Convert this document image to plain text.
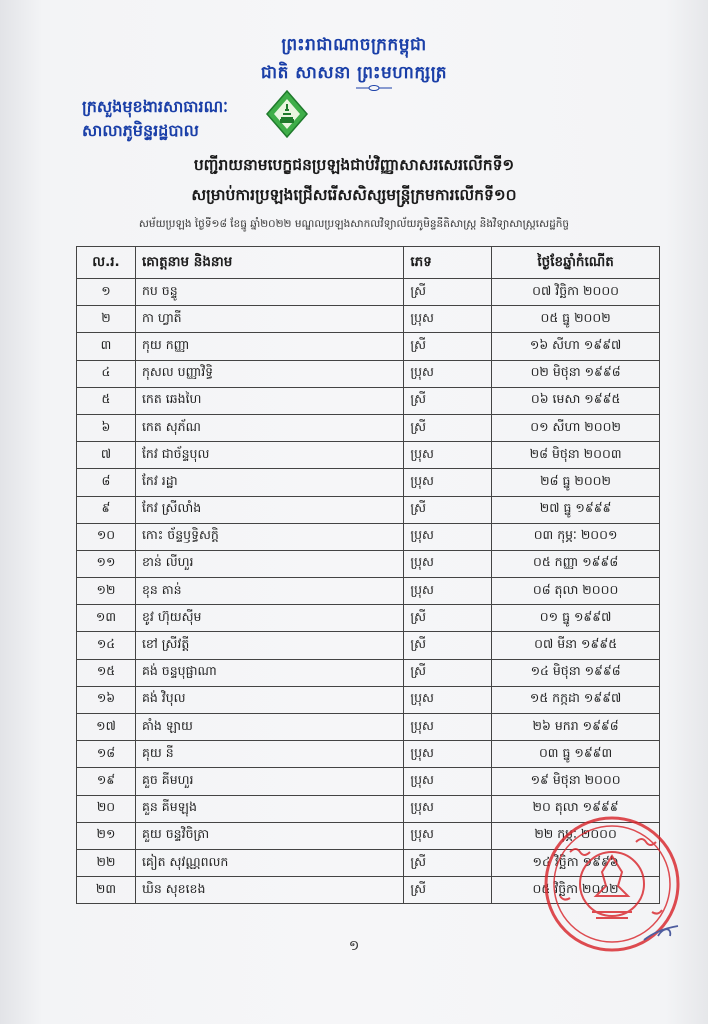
ព្រះរាជាណាចក្រកម្ពុជា
ជាតិ សាសនា ព្រះមហាក្សត្រ
ក្រសួងមុខងារសាធារណៈ
សាលាភូមិន្ទរដ្ឋបាល
បញ្ជីរាយនាមបេក្ខជនប្រឡងជាប់វិញ្ញាសាសរសេរលើកទី១
សម្រាប់ការប្រឡងជ្រើសរើសសិស្សមន្ត្រីក្រមការលើកទី១០
សម័យប្រឡង ថ្ងៃទី១៨ ខែធ្នូ ឆ្នាំ២០២២ មណ្ឌលប្រឡងសាកលវិទ្យាល័យភូមិន្ទនីតិសាស្ត្រ និងវិទ្យាសាស្ត្រសេដ្ឋកិច្ច
ល.រ.	គោត្តនាម និងនាម	ភេទ	ថ្ងៃខែឆ្នាំកំណើត
១	កប ចន្ទូ	ស្រី	០៧ វិច្ឆិកា ២០០០
២	កា ហ្វាតី	ប្រុស	០៥ ធ្នូ ២០០២
៣	កុយ កញ្ញា	ស្រី	១៦ សីហា ១៩៩៧
៤	កុសល បញ្ញាវិទ្ធិ	ប្រុស	០២ មិថុនា ១៩៩៨
៥	កេត ឆេងហៃ	ស្រី	០៦ មេសា ១៩៩៥
៦	កេត សុភ័ណ	ស្រី	០១ សីហា ២០០២
៧	កែវ ជាច័ន្ទបុល	ប្រុស	២៨ មិថុនា ២០០៣
៨	កែវ រដ្ឋា	ប្រុស	២៨ ធ្នូ ២០០២
៩	កែវ ស្រីលាំង	ស្រី	២៧ ធ្នូ ១៩៩៩
១០	កោះ ច័ន្ទឫទ្ធិសក្តិ	ប្រុស	០៣ កុម្ភៈ ២០០១
១១	ខាន់ លីហួរ	ប្រុស	០៥ កញ្ញា ១៩៩៨
១២	ខុន តាន់	ប្រុស	០៨ តុលា ២០០០
១៣	ខូវ ហ៊ុយស៊ីម	ស្រី	០១ ធ្នូ ១៩៩៧
១៤	ខៅ ស្រីវត្តី	ស្រី	០៧ មីនា ១៩៩៥
១៥	គង់ ចន្ទបុផ្ផាណា	ស្រី	១៤ មិថុនា ១៩៩៨
១៦	គង់ វិបុល	ប្រុស	១៥ កក្កដា ១៩៩៧
១៧	គាំង ឡាយ	ប្រុស	២៦ មករា ១៩៩៨
១៨	គុយ នី	ប្រុស	០៣ ធ្នូ ១៩៩៣
១៩	គួច គីមហួរ	ប្រុស	១៩ មិថុនា ២០០០
២០	គួន គីមឡុង	ប្រុស	២០ តុលា ១៩៩៩
២១	គួយ ចន្ទវិចិត្រា	ប្រុស	២២ កុម្ភៈ ២០០០
២២	គៀត សុវណ្ណពលក	ស្រី	១៤ វិច្ឆិកា ១៩៩៦
២៣	ឃិន សុខខេង	ស្រី	០៥ វិច្ឆិកា ២០០២
១
